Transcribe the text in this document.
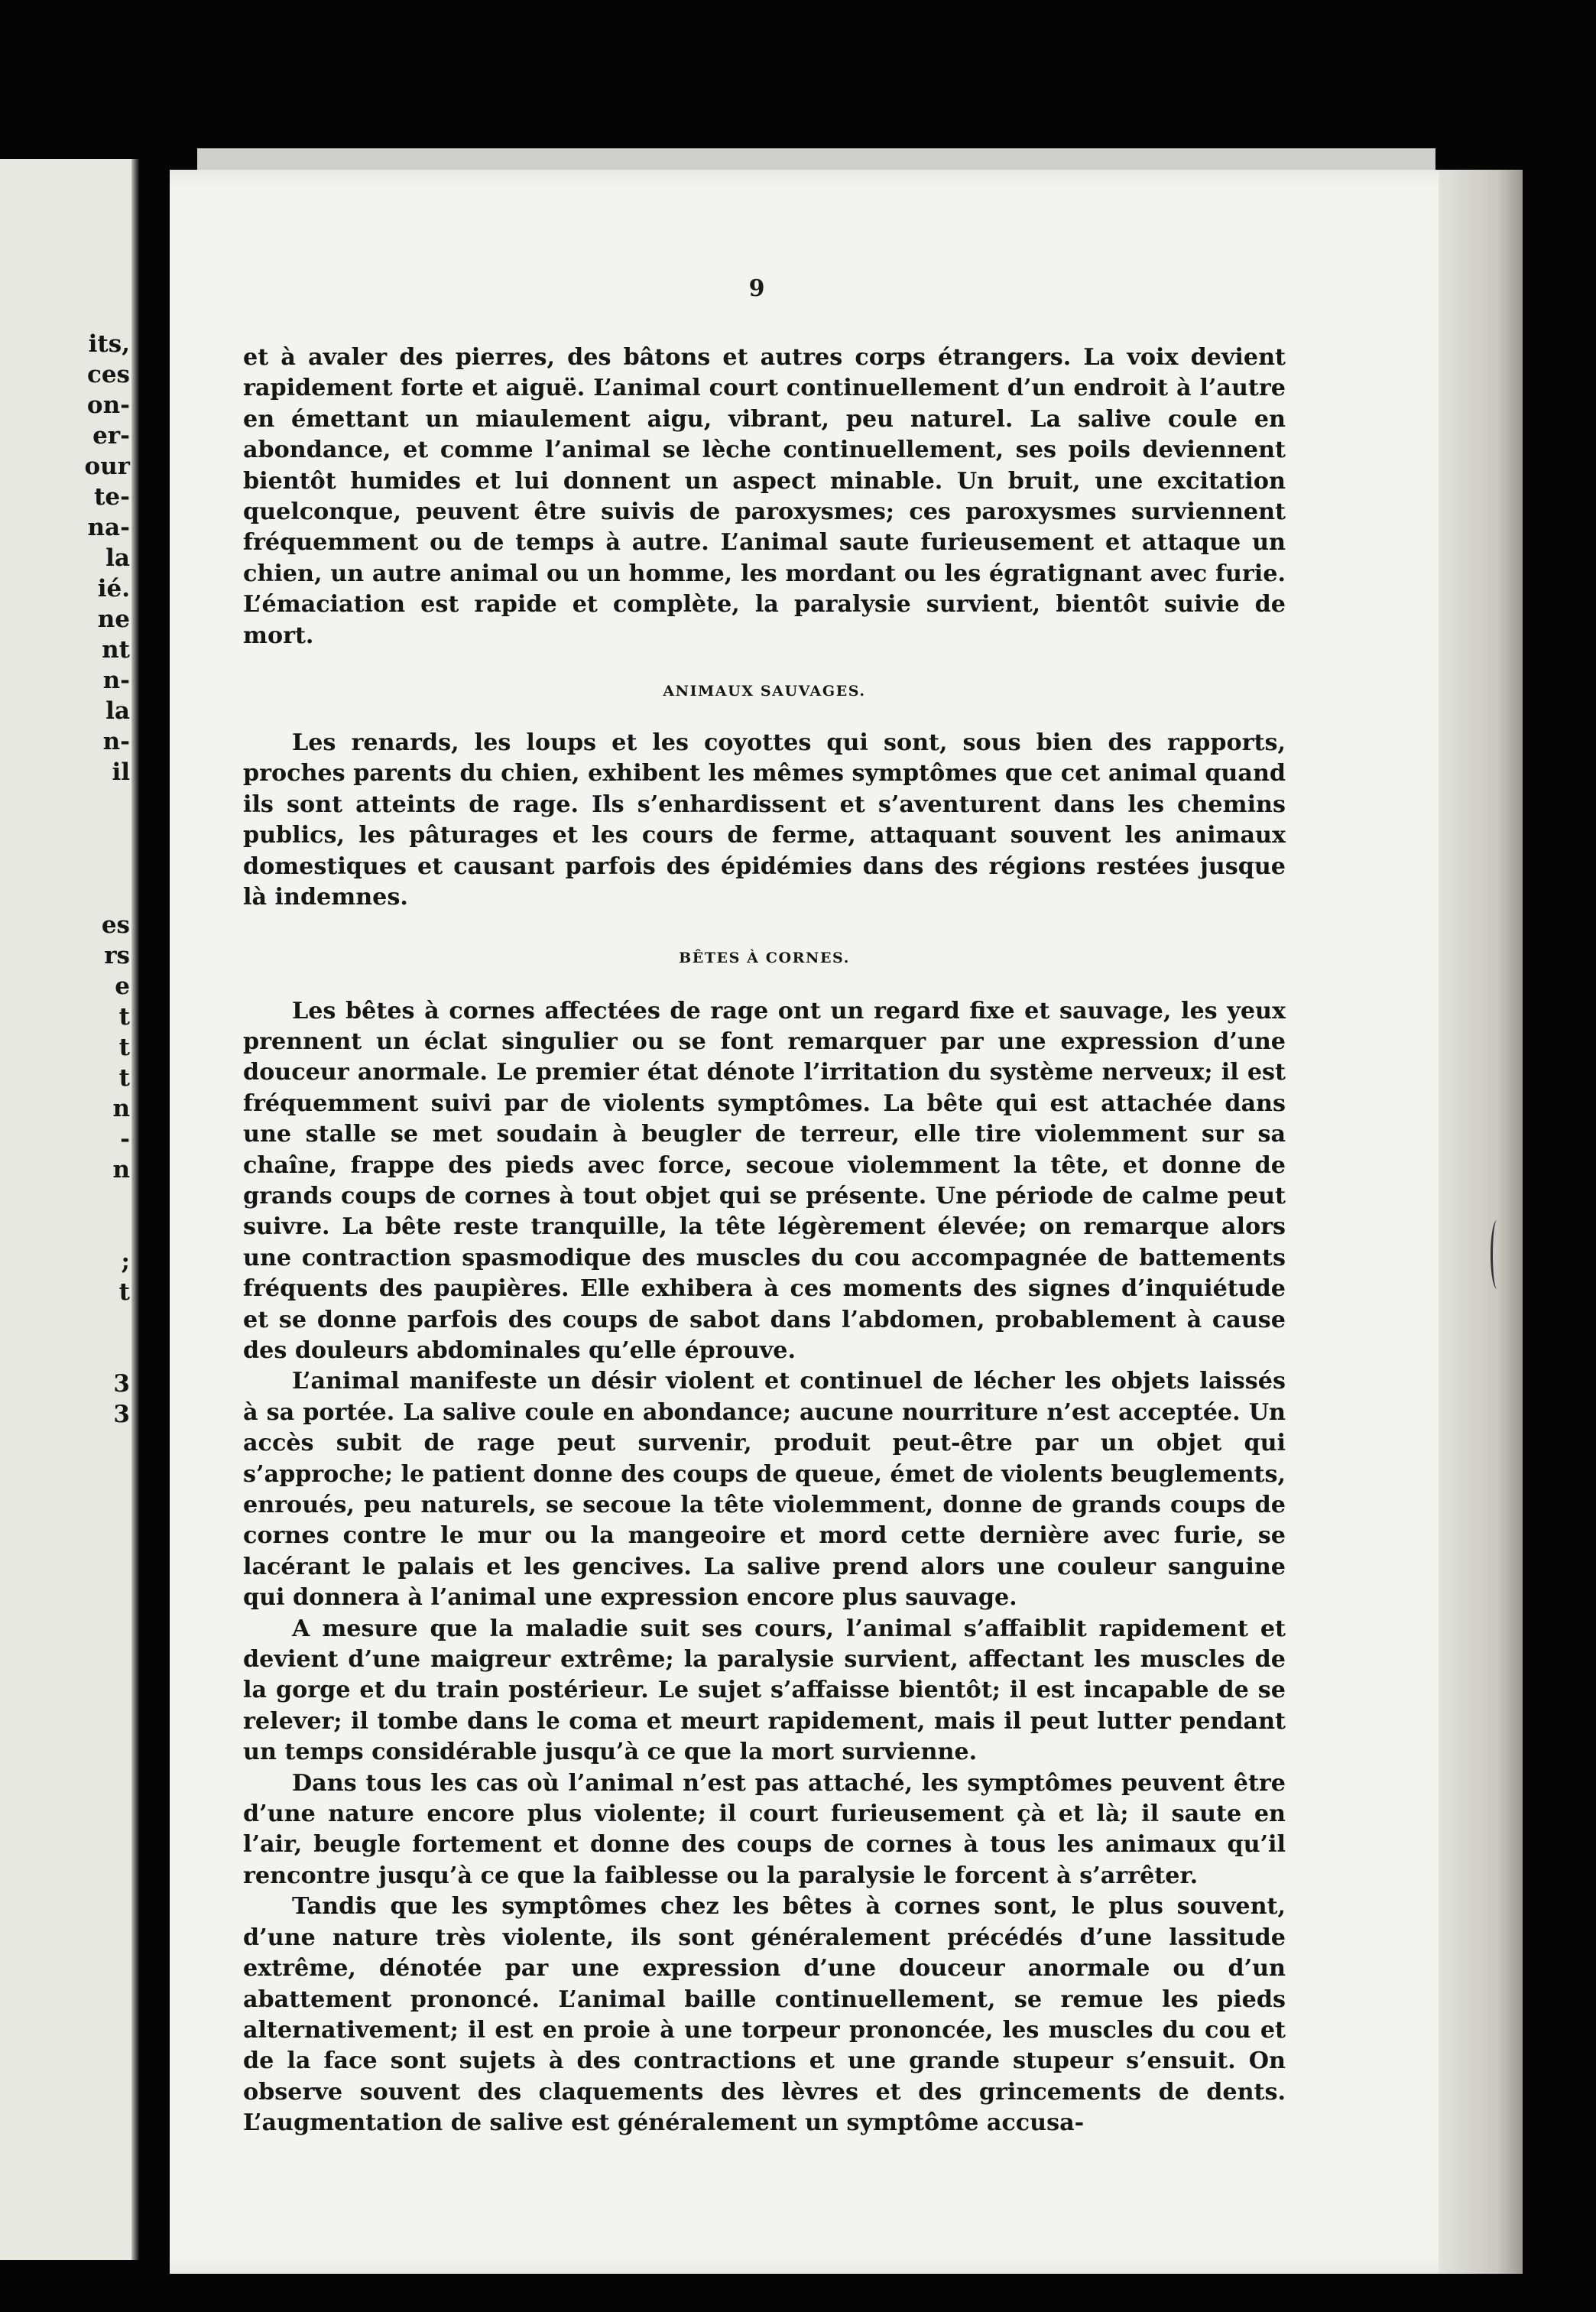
its,
ces
on-
er-
our
te-
na-
la
ié.
ne
nt
n-
la
n-
il
es
rs
e
t
t
t
n
-
n

;
t

3
3
9

et à avaler des pierres, des bâtons et autres corps étrangers. La voix devient rapidement forte et aiguë. L’animal court continuellement d’un endroit à l’autre en émettant un miaulement aigu, vibrant, peu naturel. La salive coule en abondance, et comme l’animal se lèche continuellement, ses poils deviennent bientôt humides et lui donnent un aspect minable. Un bruit, une excitation quelconque, peuvent être suivis de paroxysmes; ces paroxysmes surviennent fréquemment ou de temps à autre. L’animal saute furieusement et attaque un chien, un autre animal ou un homme, les mordant ou les égratignant avec furie. L’émaciation est rapide et complète, la paralysie survient, bientôt suivie de mort.

ANIMAUX SAUVAGES.

Les renards, les loups et les coyottes qui sont, sous bien des rapports, proches parents du chien, exhibent les mêmes symptômes que cet animal quand ils sont atteints de rage. Ils s’enhardissent et s’aventurent dans les chemins publics, les pâturages et les cours de ferme, attaquant souvent les animaux domestiques et causant parfois des épidémies dans des régions restées jusque là indemnes.

BÊTES À CORNES.

Les bêtes à cornes affectées de rage ont un regard fixe et sauvage, les yeux prennent un éclat singulier ou se font remarquer par une expression d’une douceur anormale. Le premier état dénote l’irritation du système nerveux; il est fréquemment suivi par de violents symptômes. La bête qui est attachée dans une stalle se met soudain à beugler de terreur, elle tire violemment sur sa chaîne, frappe des pieds avec force, secoue violemment la tête, et donne de grands coups de cornes à tout objet qui se présente. Une période de calme peut suivre. La bête reste tranquille, la tête légèrement élevée; on remarque alors une contraction spasmodique des muscles du cou accompagnée de battements fréquents des paupières. Elle exhibera à ces moments des signes d’inquiétude et se donne parfois des coups de sabot dans l’abdomen, probablement à cause des douleurs abdominales qu’elle éprouve.

L’animal manifeste un désir violent et continuel de lécher les objets laissés à sa portée. La salive coule en abondance; aucune nourriture n’est acceptée. Un accès subit de rage peut survenir, produit peut-être par un objet qui s’approche; le patient donne des coups de queue, émet de violents beuglements, enroués, peu naturels, se secoue la tête violemment, donne de grands coups de cornes contre le mur ou la mangeoire et mord cette dernière avec furie, se lacérant le palais et les gencives. La salive prend alors une couleur sanguine qui donnera à l’animal une expression encore plus sauvage.

A mesure que la maladie suit ses cours, l’animal s’affaiblit rapidement et devient d’une maigreur extrême; la paralysie survient, affectant les muscles de la gorge et du train postérieur. Le sujet s’affaisse bientôt; il est incapable de se relever; il tombe dans le coma et meurt rapidement, mais il peut lutter pendant un temps considérable jusqu’à ce que la mort survienne.

Dans tous les cas où l’animal n’est pas attaché, les symptômes peuvent être d’une nature encore plus violente; il court furieusement çà et là; il saute en l’air, beugle fortement et donne des coups de cornes à tous les animaux qu’il rencontre jusqu’à ce que la faiblesse ou la paralysie le forcent à s’arrêter.

Tandis que les symptômes chez les bêtes à cornes sont, le plus souvent, d’une nature très violente, ils sont généralement précédés d’une lassitude extrême, dénotée par une expression d’une douceur anormale ou d’un abattement prononcé. L’animal baille continuellement, se remue les pieds alternativement; il est en proie à une torpeur prononcée, les muscles du cou et de la face sont sujets à des contractions et une grande stupeur s’ensuit. On observe souvent des claquements des lèvres et des grincements de dents. L’augmentation de salive est généralement un symptôme accusa-
